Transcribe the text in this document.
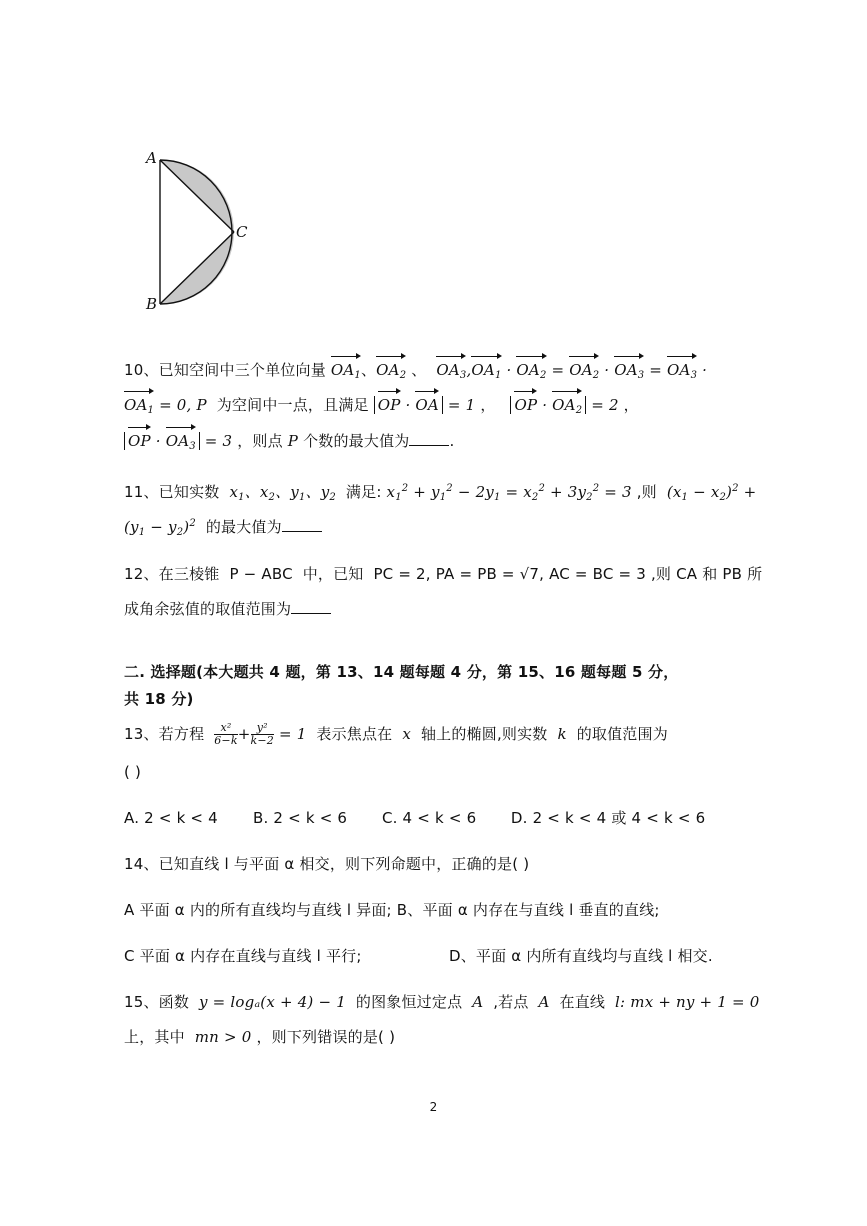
A
B
C
10、已知空间中三个单位向量 $OA_1$、$OA_2$ 、 $OA_3,OA_1 \cdot OA_2 = OA_2 \cdot OA_3 = OA_3$ ·
$OA_1 = 0$, P 为空间中一点，且满足 OP · OA = 1 ，   OP · $OA_2 = 2$ ，
OP · $OA_3 = 3$ ，则点 P 个数的最大值为	.
11、已知实数 $x_1$、$x_2$、$y_1$、$y_2$ 满足: $x_1^2 + y_1^2 - 2y_1 = x_2^2 + 3y_2^2 = 3$ ,则 $(x_1 - x_2)^2$ +
$(y_1 - y_2)^2$ 的最大值为
12、在三棱锥 P − ABC 中，已知 PC = 2, PA = PB = √7, AC = BC = 3 ,则 CA 和 PB 所
成角余弦值的取值范围为
二. 选择题(本大题共 4 题，第 13、14 题每题 4 分，第 15、16 题每题 5 分，
共 18 分)
13、若方程 $\frac{\text{x²}}{6-k} + \frac{\text{y²}}{k-2} = 1$ 表示焦点在 x 轴上的椭圆,则实数 k 的取值范围为
( )
A. 2 < k < 4 B. 2 < k < 6 C. 4 < k < 6 D. 2 < k < 4 或 4 < k < 6
14、已知直线 l 与平面 α 相交，则下列命题中，正确的是( )
A 平面 α 内的所有直线均与直线 l 异面; B、平面 α 内存在与直线 l 垂直的直线;
C 平面 α 内存在直线与直线 l 平行;	D、平面 α 内所有直线均与直线 l 相交.
15、函数 y = logₐ(x + 4) − 1 的图象恒过定点 A ,若点 A 在直线 l: mx + ny + 1 = 0
上，其中 mn > 0 ，则下列错误的是( )
2
